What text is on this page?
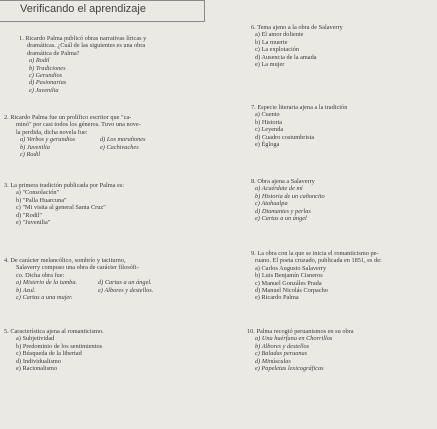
Verificando el aprendizaje
1. Ricardo Palma publicó obras narrativas líricas y
dramáticas. ¿Cuál de las siguientes es una obra
dramática de Palma?
a) Rodil
b) Tradiciones
c) Gerundios
d) Pasionarias
e) Juvenilia
2. Ricardo Palma fue un prolífico escritor que "ca-
minó" por casi todos los géneros. Tuvo una nove-
la perdida, dicha novela fue:
a) Verbos y gerundios	d) Los marañones
b) Juvenilia	e) Cachivaches
c) Rodil
3. La primera tradición publicada por Palma es:
a) "Consolación"
b) "Palla Huarcuna"
c) "Mi visita al general Santa Cruz"
d) "Rodil"
e) "Juvenilia"
4. De carácter melancólico, sombrío y taciturno,
Salaverry compuso una obra de carácter filosófi-
co. Dicha obra fue:
a) Misterio de la tumba.	d) Cartas a un ángel.
b) Azul.	e) Albores y destellos.
c) Cartas a una mujer.
5. Característica ajena al romanticismo.
a) Subjetividad
b) Predominio de los sentimientos
c) Búsqueda de la libertad
d) Individualismo
e) Racionalismo
6. Tema ajeno a la obra de Salaverry
a) El amor doliente
b) La muerte
c) La explotación
d) Ausencia de la amada
e) La mujer
7. Especie literaria ajena a la tradición
a) Cuento
b) Historia
c) Leyenda
d) Cuadro costumbrista
e) Égloga
8. Obra ajena a Salaverry
a) Acuérdate de mí
b) Historia de un cañoncito
c) Atahualpa
d) Diamantes y perlas
e) Cartas a un ángel
9. La obra con la que se inicia el romanticismo pe-
ruano. El poeta cruzado, publicada en 1851, es de:
a) Carlos Augusto Salaverry
b) Luis Benjamín Cisneros
c) Manuel Gonzáles Prada
d) Manuel Nicolás Corpacho
e) Ricardo Palma
10. Palma recogió peruanismos en su obra
a) Una huérfana en Chorrillos
b) Albores y destellos
c) Baladas peruanas
d) Minúsculas
e) Papeletas lexicográficas
